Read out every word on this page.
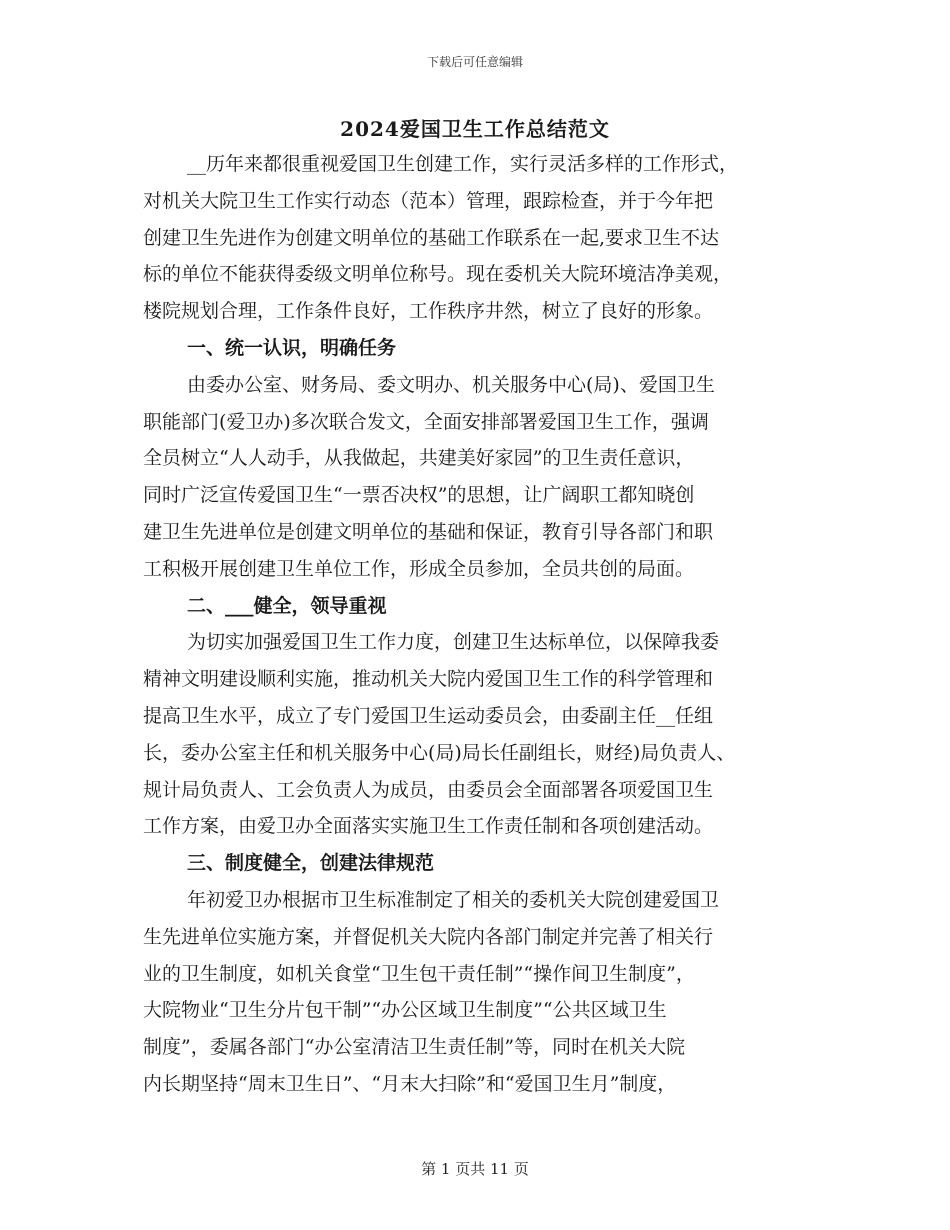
下载后可任意编辑
2024爱国卫生工作总结范文
__历年来都很重视爱国卫生创建工作，实行灵活多样的工作形式，
对机关大院卫生工作实行动态（范本）管理，跟踪检查，并于今年把
创建卫生先进作为创建文明单位的基础工作联系在一起,要求卫生不达
标的单位不能获得委级文明单位称号。现在委机关大院环境洁净美观，
楼院规划合理，工作条件良好，工作秩序井然，树立了良好的形象。
一、统一认识，明确任务
由委办公室、财务局、委文明办、机关服务中心(局)、爱国卫生
职能部门(爱卫办)多次联合发文，全面安排部署爱国卫生工作，强调
全员树立“人人动手，从我做起，共建美好家园”的卫生责任意识，
同时广泛宣传爱国卫生“一票否决权”的思想，让广阔职工都知晓创
建卫生先进单位是创建文明单位的基础和保证，教育引导各部门和职
工积极开展创建卫生单位工作，形成全员参加，全员共创的局面。
二、___健全，领导重视
为切实加强爱国卫生工作力度，创建卫生达标单位，以保障我委
精神文明建设顺利实施，推动机关大院内爱国卫生工作的科学管理和
提高卫生水平，成立了专门爱国卫生运动委员会，由委副主任__任组
长，委办公室主任和机关服务中心(局)局长任副组长，财经)局负责人、
规计局负责人、工会负责人为成员，由委员会全面部署各项爱国卫生
工作方案，由爱卫办全面落实实施卫生工作责任制和各项创建活动。
三、制度健全，创建法律规范
年初爱卫办根据市卫生标准制定了相关的委机关大院创建爱国卫
生先进单位实施方案，并督促机关大院内各部门制定并完善了相关行
业的卫生制度，如机关食堂“卫生包干责任制”“操作间卫生制度”，
大院物业“卫生分片包干制”“办公区域卫生制度”“公共区域卫生
制度”，委属各部门“办公室清洁卫生责任制”等，同时在机关大院
内长期坚持“周末卫生日”、“月末大扫除”和“爱国卫生月”制度，
第 1 页共 11 页
